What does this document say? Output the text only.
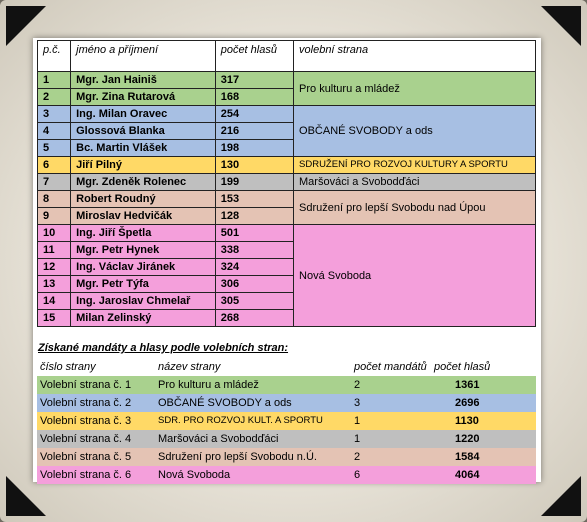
p.č.	jméno a příjmení	počet hlasů	volební strana
1	Mgr. Jan Hainiš	317	Pro kulturu a mládež
2	Mgr. Zina Rutarová	168	
3	Ing. Milan Oravec	254	OBČANÉ SVOBODY a ods
4	Glossová Blanka	216	
5	Bc. Martin Vlášek	198	
6	Jiří Pilný	130	SDRUŽENÍ PRO ROZVOJ KULTURY A SPORTU
7	Mgr. Zdeněk Rolenec	199	Maršováci a Svobodďáci
8	Robert Roudný	153	Sdružení pro lepší Svobodu nad Úpou
9	Miroslav Hedvičák	128	
10	Ing. Jiří Špetla	501	Nová Svoboda
11	Mgr. Petr Hynek	338	
12	Ing. Václav Jiránek	324	
13	Mgr. Petr Týfa	306	
14	Ing. Jaroslav Chmelař	305	
15	Milan Zelinský	268	
Získané mandáty a hlasy podle volebních stran:
číslo strany	název strany	počet mandátů	počet hlasů
Volební strana č. 1	Pro kulturu a mládež	2	1361
Volební strana č. 2	OBČANÉ SVOBODY a ods	3	2696
Volební strana č. 3	SDR. PRO ROZVOJ KULT. A SPORTU	1	1130
Volební strana č. 4	Maršováci a Svobodďáci	1	1220
Volební strana č. 5	Sdružení pro lepší Svobodu n.Ú.	2	1584
Volební strana č. 6	Nová Svoboda	6	4064
